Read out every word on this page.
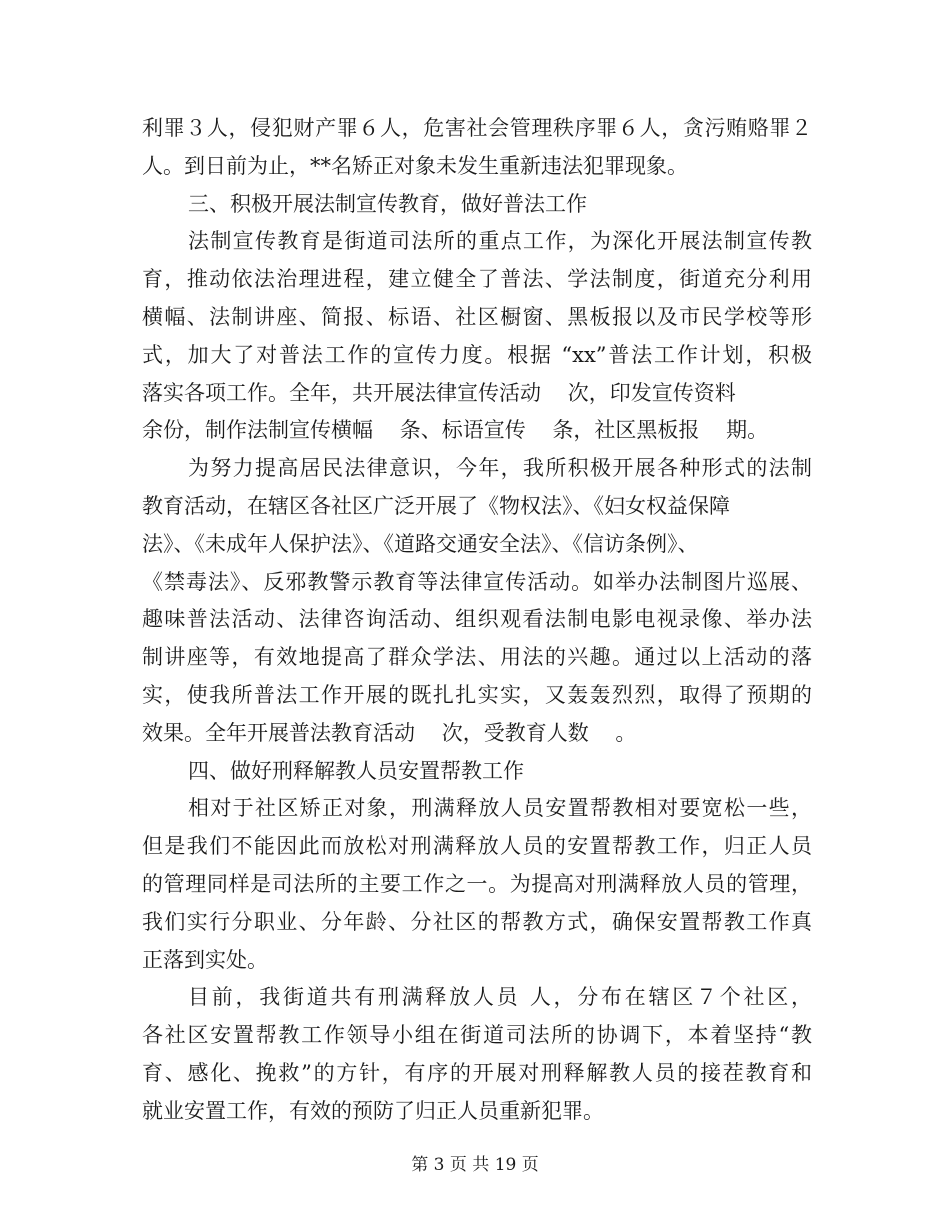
利罪３人，侵犯财产罪６人，危害社会管理秩序罪６人，贪污贿赂罪２
人。到日前为止，**名矫正对象未发生重新违法犯罪现象。
三、积极开展法制宣传教育，做好普法工作
法制宣传教育是街道司法所的重点工作，为深化开展法制宣传教
育，推动依法治理进程，建立健全了普法、学法制度，街道充分利用
横幅、法制讲座、简报、标语、社区橱窗、黑板报以及市民学校等形
式，加大了对普法工作的宣传力度。根据 “xx”普法工作计划，积极
落实各项工作。全年，共开展法律宣传活动    次，印发宣传资料
余份，制作法制宣传横幅    条、标语宣传    条，社区黑板报    期。
为努力提高居民法律意识，今年，我所积极开展各种形式的法制
教育活动，在辖区各社区广泛开展了《物权法》、《妇女权益保障
法》、《未成年人保护法》、《道路交通安全法》、《信访条例》、
《禁毒法》、反邪教警示教育等法律宣传活动。如举办法制图片巡展、
趣味普法活动、法律咨询活动、组织观看法制电影电视录像、举办法
制讲座等，有效地提高了群众学法、用法的兴趣。通过以上活动的落
实，使我所普法工作开展的既扎扎实实，又轰轰烈烈，取得了预期的
效果。全年开展普法教育活动    次，受教育人数    。
四、做好刑释解教人员安置帮教工作
相对于社区矫正对象，刑满释放人员安置帮教相对要宽松一些，
但是我们不能因此而放松对刑满释放人员的安置帮教工作，归正人员
的管理同样是司法所的主要工作之一。为提高对刑满释放人员的管理，
我们实行分职业、分年龄、分社区的帮教方式，确保安置帮教工作真
正落到实处。
目前，我街道共有刑满释放人员 人，分布在辖区７个社区，
各社区安置帮教工作领导小组在街道司法所的协调下，本着坚持“教
育、感化、挽救”的方针，有序的开展对刑释解教人员的接茬教育和
就业安置工作，有效的预防了归正人员重新犯罪。
第 3 页 共 19 页
